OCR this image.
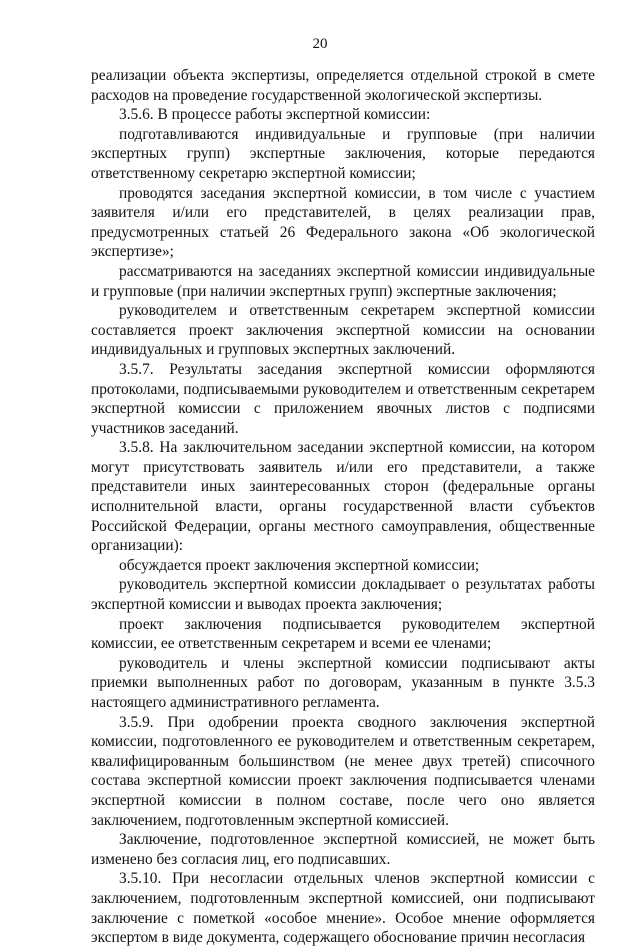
20

реализации объекта экспертизы, определяется отдельной строкой в смете расходов на проведение государственной экологической экспертизы.

3.5.6. В процессе работы экспертной комиссии:

подготавливаются индивидуальные и групповые (при наличии экспертных групп) экспертные заключения, которые передаются ответственному секретарю экспертной комиссии;

проводятся заседания экспертной комиссии, в том числе с участием заявителя и/или его представителей, в целях реализации прав, предусмотренных статьей 26 Федерального закона «Об экологической экспертизе»;

рассматриваются на заседаниях экспертной комиссии индивидуальные и групповые (при наличии экспертных групп) экспертные заключения;

руководителем и ответственным секретарем экспертной комиссии составляется проект заключения экспертной комиссии на основании индивидуальных и групповых экспертных заключений.

3.5.7. Результаты заседания экспертной комиссии оформляются протоколами, подписываемыми руководителем и ответственным секретарем экспертной комиссии с приложением явочных листов с подписями участников заседаний.

3.5.8. На заключительном заседании экспертной комиссии, на котором могут присутствовать заявитель и/или его представители, а также представители иных заинтересованных сторон (федеральные органы исполнительной власти, органы государственной власти субъектов Российской Федерации, органы местного самоуправления, общественные организации):

обсуждается проект заключения экспертной комиссии;

руководитель экспертной комиссии докладывает о результатах работы экспертной комиссии и выводах проекта заключения;

проект заключения подписывается руководителем экспертной комиссии, ее ответственным секретарем и всеми ее членами;

руководитель и члены экспертной комиссии подписывают акты приемки выполненных работ по договорам, указанным в пункте 3.5.3 настоящего административного регламента.

3.5.9. При одобрении проекта сводного заключения экспертной комиссии, подготовленного ее руководителем и ответственным секретарем, квалифицированным большинством (не менее двух третей) списочного состава экспертной комиссии проект заключения подписывается членами экспертной комиссии в полном составе, после чего оно является заключением, подготовленным экспертной комиссией.

Заключение, подготовленное экспертной комиссией, не может быть изменено без согласия лиц, его подписавших.

3.5.10. При несогласии отдельных членов экспертной комиссии с заключением, подготовленным экспертной комиссией, они подписывают заключение с пометкой «особое мнение». Особое мнение оформляется экспертом в виде документа, содержащего обоснование причин несогласия
